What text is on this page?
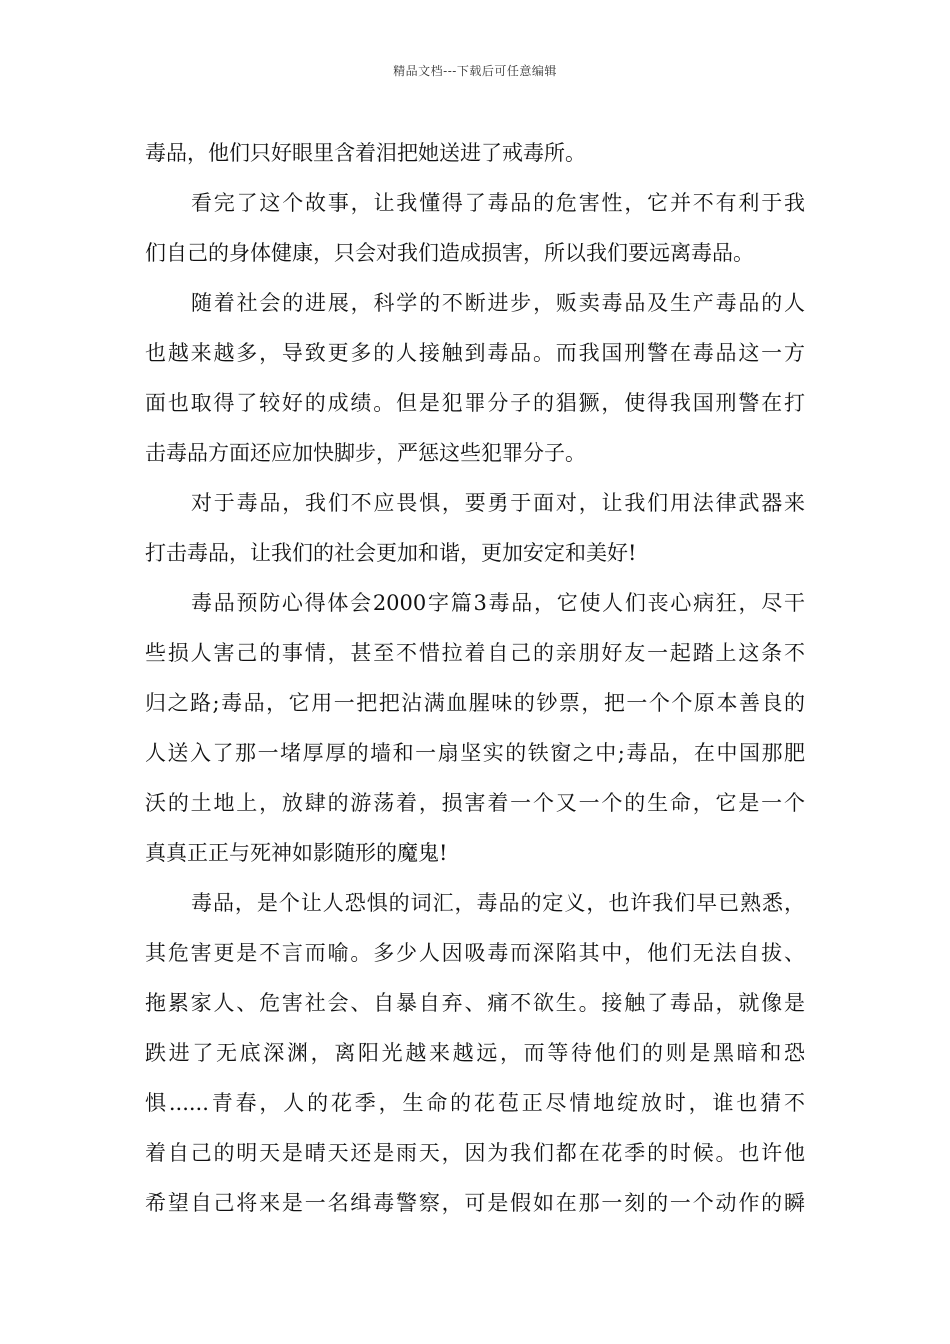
精品文档---下载后可任意编辑
毒品，他们只好眼里含着泪把她送进了戒毒所。
看完了这个故事，让我懂得了毒品的危害性，它并不有利于我
们自己的身体健康，只会对我们造成损害，所以我们要远离毒品。
随着社会的进展，科学的不断进步，贩卖毒品及生产毒品的人
也越来越多，导致更多的人接触到毒品。而我国刑警在毒品这一方
面也取得了较好的成绩。但是犯罪分子的猖獗，使得我国刑警在打
击毒品方面还应加快脚步，严惩这些犯罪分子。
对于毒品，我们不应畏惧，要勇于面对，让我们用法律武器来
打击毒品，让我们的社会更加和谐，更加安定和美好!
毒品预防心得体会2000字篇3毒品，它使人们丧心病狂，尽干
些损人害己的事情，甚至不惜拉着自己的亲朋好友一起踏上这条不
归之路;毒品，它用一把把沾满血腥味的钞票，把一个个原本善良的
人送入了那一堵厚厚的墙和一扇坚实的铁窗之中;毒品，在中国那肥
沃的土地上，放肆的游荡着，损害着一个又一个的生命，它是一个
真真正正与死神如影随形的魔鬼!
毒品，是个让人恐惧的词汇，毒品的定义，也许我们早已熟悉，
其危害更是不言而喻。多少人因吸毒而深陷其中，他们无法自拔、
拖累家人、危害社会、自暴自弃、痛不欲生。接触了毒品，就像是
跌进了无底深渊，离阳光越来越远，而等待他们的则是黑暗和恐
惧......青春，人的花季，生命的花苞正尽情地绽放时，谁也猜不
着自己的明天是晴天还是雨天，因为我们都在花季的时候。也许他
希望自己将来是一名缉毒警察，可是假如在那一刻的一个动作的瞬
